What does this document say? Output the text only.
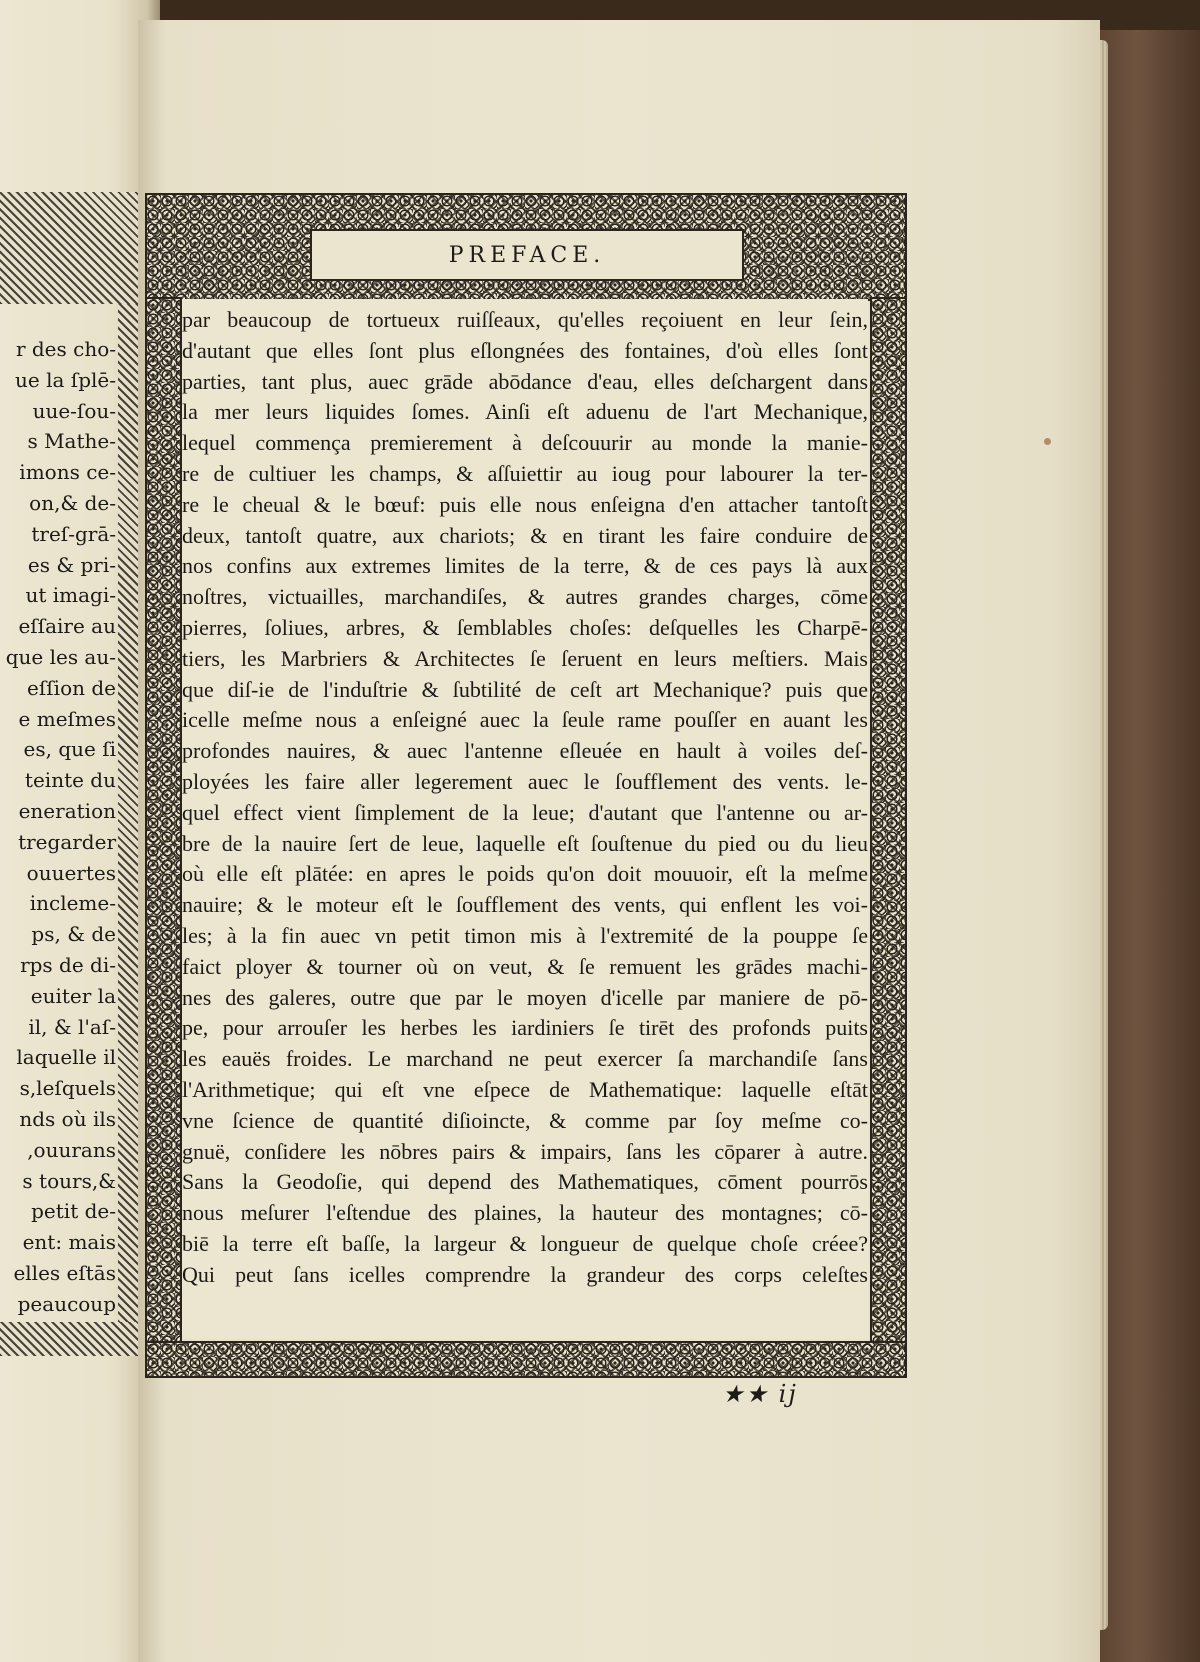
r des cho-
ue la ſplē-
uue-ſou-
s Mathe-
imons ce-
on,& de-
treſ-grā-
es & pri-
ut imagi-
eſſaire au
que les au-
eſſion de
e meſmes
es, que ſi
teinte du
eneration
tregarder
ouuertes
incleme-
ps, & de
rps de di-
euiter la
il, & l'aſ-
laquelle il
s,leſquels
nds où ils
,ouurans
s tours,&
petit de-
ent: mais
elles eſtās
peaucoup
PREFACE.
par beaucoup de tortueux ruiſſeaux, qu'elles reçoiuent en leur ſein,
d'autant que elles ſont plus eſlongnées des fontaines, d'où elles ſont
parties, tant plus, auec grāde abōdance d'eau, elles deſchargent dans
la mer leurs liquides ſomes. Ainſi eſt aduenu de l'art Mechanique,
lequel commença premierement à deſcouurir au monde la manie-
re de cultiuer les champs, & aſſuiettir au ioug pour labourer la ter-
re le cheual & le bœuf: puis elle nous enſeigna d'en attacher tantoſt
deux, tantoſt quatre, aux chariots; & en tirant les faire conduire de
nos confins aux extremes limites de la terre, & de ces pays là aux
noſtres, victuailles, marchandiſes, & autres grandes charges, cōme
pierres, ſoliues, arbres, & ſemblables choſes: deſquelles les Charpē-
tiers, les Marbriers & Architectes ſe ſeruent en leurs meſtiers. Mais
que diſ-ie de l'induſtrie & ſubtilité de ceſt art Mechanique? puis que
icelle meſme nous a enſeigné auec la ſeule rame pouſſer en auant les
profondes nauires, & auec l'antenne eſleuée en hault à voiles deſ-
ployées les faire aller legerement auec le ſoufflement des vents. le-
quel effect vient ſimplement de la leue; d'autant que l'antenne ou ar-
bre de la nauire ſert de leue, laquelle eſt ſouſtenue du pied ou du lieu
où elle eſt plātée: en apres le poids qu'on doit mouuoir, eſt la meſme
nauire; & le moteur eſt le ſoufflement des vents, qui enflent les voi-
les; à la fin auec vn petit timon mis à l'extremité de la pouppe ſe
faict ployer & tourner où on veut, & ſe remuent les grādes machi-
nes des galeres, outre que par le moyen d'icelle par maniere de pō-
pe, pour arrouſer les herbes les iardiniers ſe tirēt des profonds puits
les eauës froides. Le marchand ne peut exercer ſa marchandiſe ſans
l'Arithmetique; qui eſt vne eſpece de Mathematique: laquelle eſtāt
vne ſcience de quantité diſioincte, & comme par ſoy meſme co-
gnuë, conſidere les nōbres pairs & impairs, ſans les cōparer à autre.
Sans la Geodoſie, qui depend des Mathematiques, cōment pourrōs
nous meſurer l'eſtendue des plaines, la hauteur des montagnes; cō-
biē la terre eſt baſſe, la largeur & longueur de quelque choſe créee?
Qui peut ſans icelles comprendre la grandeur des corps celeſtes
★★ ij
